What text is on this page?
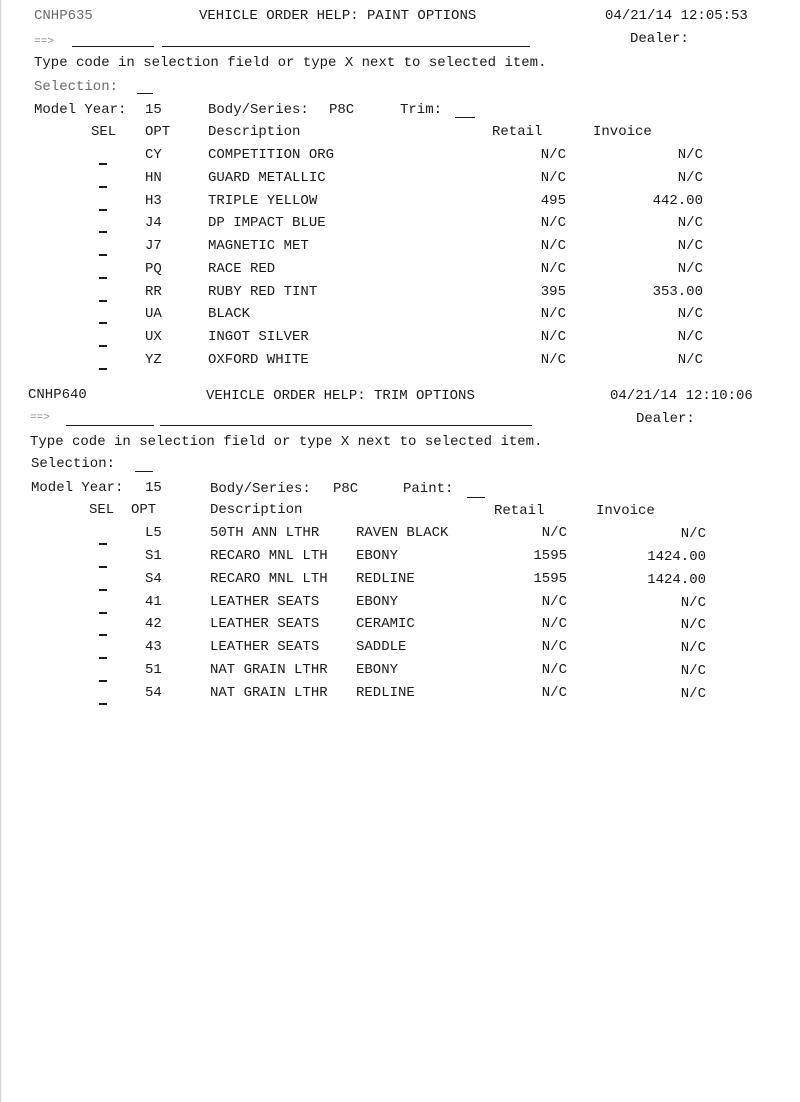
CNHP635	VEHICLE ORDER HELP: PAINT OPTIONS	04/21/14 12:05:53
==>	Dealer:
Type code in selection field or type X next to selected item.
Selection:
Model Year: 15	Body/Series: P8C	Trim:
SEL OPT	Description	Retail	Invoice
CY	COMPETITION ORG	N/C	N/C
HN	GUARD METALLIC	N/C	N/C
H3	TRIPLE YELLOW	495	442.00
J4	DP IMPACT BLUE	N/C	N/C
J7	MAGNETIC MET	N/C	N/C
PQ	RACE RED	N/C	N/C
RR	RUBY RED TINT	395	353.00
UA	BLACK	N/C	N/C
UX	INGOT SILVER	N/C	N/C
YZ	OXFORD WHITE	N/C	N/C
CNHP640	VEHICLE ORDER HELP: TRIM OPTIONS	04/21/14 12:10:06
==>	Dealer:
Type code in selection field or type X next to selected item.
Selection:
Model Year: 15	Body/Series: P8C	Paint:
SEL OPT	Description	Retail	Invoice
L5	50TH ANN LTHR	RAVEN BLACK	N/C	N/C
S1	RECARO MNL LTH EBONY	1595	1424.00
S4	RECARO MNL LTH REDLINE	1595	1424.00
41	LEATHER SEATS	EBONY	N/C	N/C
42	LEATHER SEATS	CERAMIC	N/C	N/C
43	LEATHER SEATS	SADDLE	N/C	N/C
51	NAT GRAIN LTHR EBONY	N/C	N/C
54	NAT GRAIN LTHR REDLINE	N/C	N/C
